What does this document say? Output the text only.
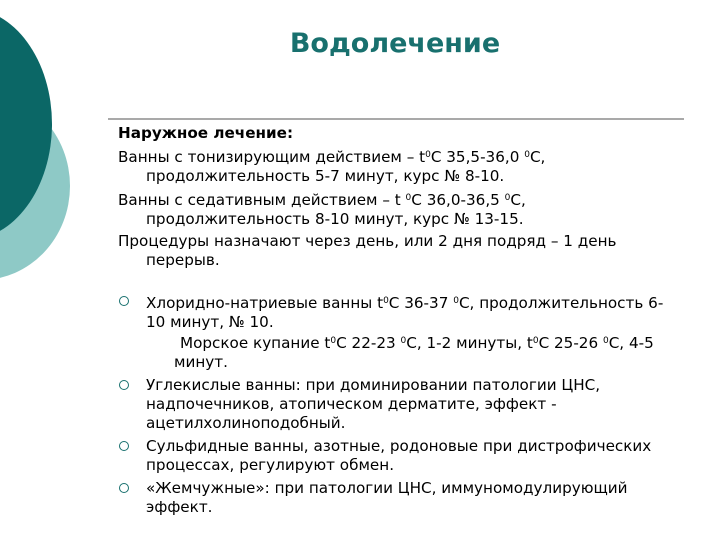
Водолечение
Наружное лечение:
Ванны с тонизирующим действием – $t^0С$ 35,5-36,0 $^0$С, продолжительность 5-7 минут, курс № 8-10.
Ванны с седативным действием – t $^0$С 36,0-36,5 $^0$С, продолжительность 8-10 минут, курс № 13-15.
Процедуры назначают через день, или 2 дня подряд – 1 день перерыв.
Хлоридно-натриевые ванны $t^0С$ 36-37 $^0$С, продолжительность 6-10 минут, № 10.
Морское купание $t^0С$ 22-23 $^0$С, 1-2 минуты, $t^0С$ 25-26 $^0$С, 4-5 минут.
Углекислые ванны: при доминировании патологии ЦНС, надпочечников, атопическом дерматите, эффект - ацетилхолиноподобный.
Сульфидные ванны, азотные, родоновые при дистрофических процессах, регулируют обмен.
«Жемчужные»: при патологии ЦНС, иммуномодулирующий эффект.
